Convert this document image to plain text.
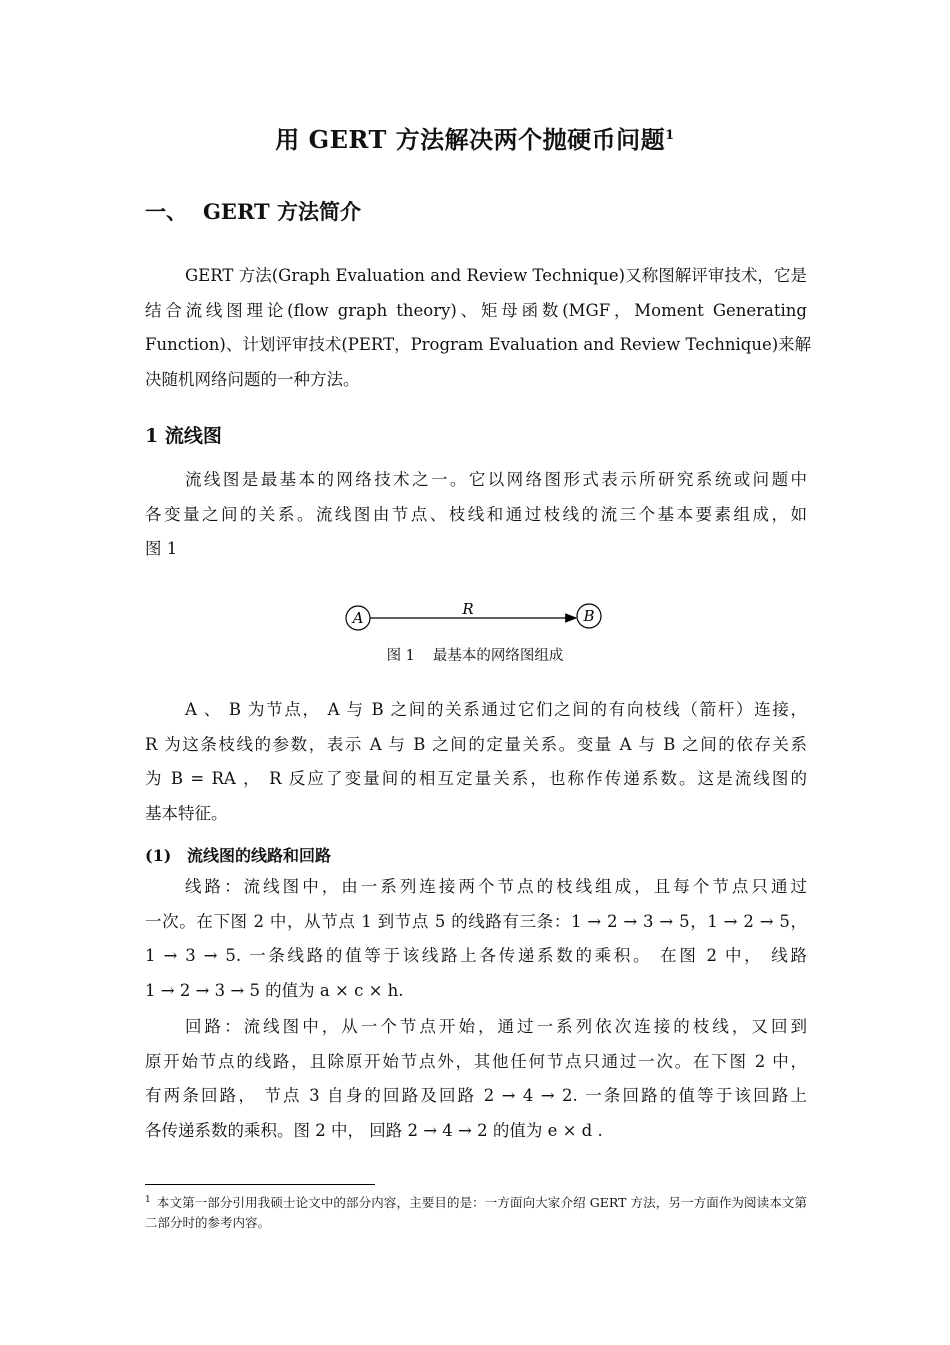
用 GERT 方法解决两个抛硬币问题$^1$
一、 GERT 方法简介
GERT 方法(Graph Evaluation and Review Technique)又称图解评审技术，它是
结合流线图理论(flow graph theory)、矩母函数(MGF，Moment Generating
Function)、计划评审技术(PERT，Program Evaluation and Review Technique)来解
决随机网络问题的一种方法。
1 流线图
流线图是最基本的网络技术之一。它以网络图形式表示所研究系统或问题中
各变量之间的关系。流线图由节点、枝线和通过枝线的流三个基本要素组成，如
图 1
A	R	B
图 1 最基本的网络图组成
A 、 B 为节点， A 与 B 之间的关系通过它们之间的有向枝线（箭杆）连接，
R 为这条枝线的参数，表示 A 与 B 之间的定量关系。变量 A 与 B 之间的依存关系
为 B = RA ， R 反应了变量间的相互定量关系，也称作传递系数。这是流线图的
基本特征。
(1) 流线图的线路和回路
线路：流线图中，由一系列连接两个节点的枝线组成，且每个节点只通过
一次。在下图 2 中，从节点 1 到节点 5 的线路有三条：1 → 2 → 3 → 5，1 → 2 → 5，
1 → 3 → 5. 一条线路的值等于该线路上各传递系数的乘积。 在图 2 中， 线路
1 → 2 → 3 → 5 的值为 a × c × h.
回路：流线图中，从一个节点开始，通过一系列依次连接的枝线，又回到
原开始节点的线路，且除原开始节点外，其他任何节点只通过一次。在下图 2 中，
有两条回路， 节点 3 自身的回路及回路 2 → 4 → 2. 一条回路的值等于该回路上
各传递系数的乘积。图 2 中， 回路 2 → 4 → 2 的值为 e × d .
$^1$ 本文第一部分引用我硕士论文中的部分内容，主要目的是：一方面向大家介绍 GERT 方法，另一方面作为阅读本文第二部分时的参考内容。
